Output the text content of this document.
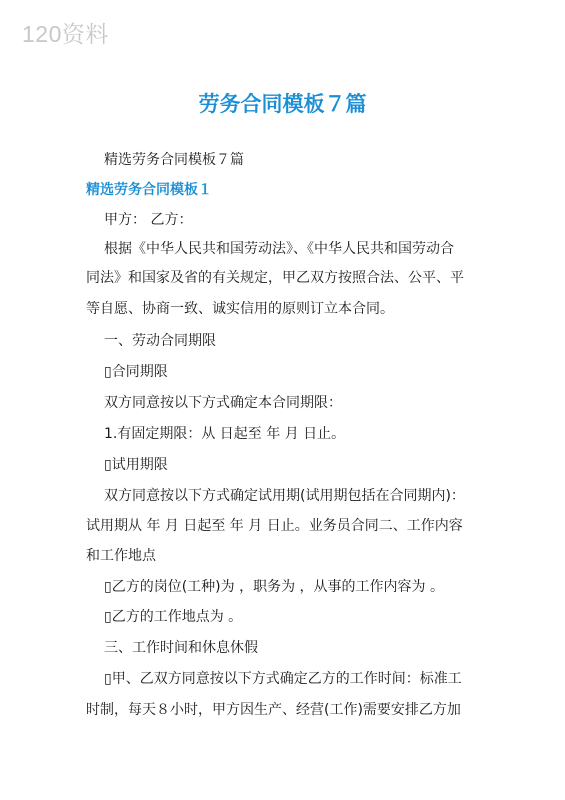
120资料
劳务合同模板７篇
精选劳务合同模板７篇
精选劳务合同模板１
甲方： 乙方：
根据《中华人民共和国劳动法》、《中华人民共和国劳动合
同法》和国家及省的有关规定，甲乙双方按照合法、公平、平
等自愿、协商一致、诚实信用的原则订立本合同。
一、劳动合同期限
▯合同期限
双方同意按以下方式确定本合同期限：
1.有固定期限：从 日起至 年 月 日止。
▯试用期限
双方同意按以下方式确定试用期(试用期包括在合同期内)：
试用期从 年 月 日起至 年 月 日止。业务员合同二、工作内容
和工作地点
▯乙方的岗位(工种)为 ，职务为 ，从事的工作内容为 。
▯乙方的工作地点为 。
三、工作时间和休息休假
▯甲、乙双方同意按以下方式确定乙方的工作时间：标准工
时制，每天８小时，甲方因生产、经营(工作)需要安排乙方加
